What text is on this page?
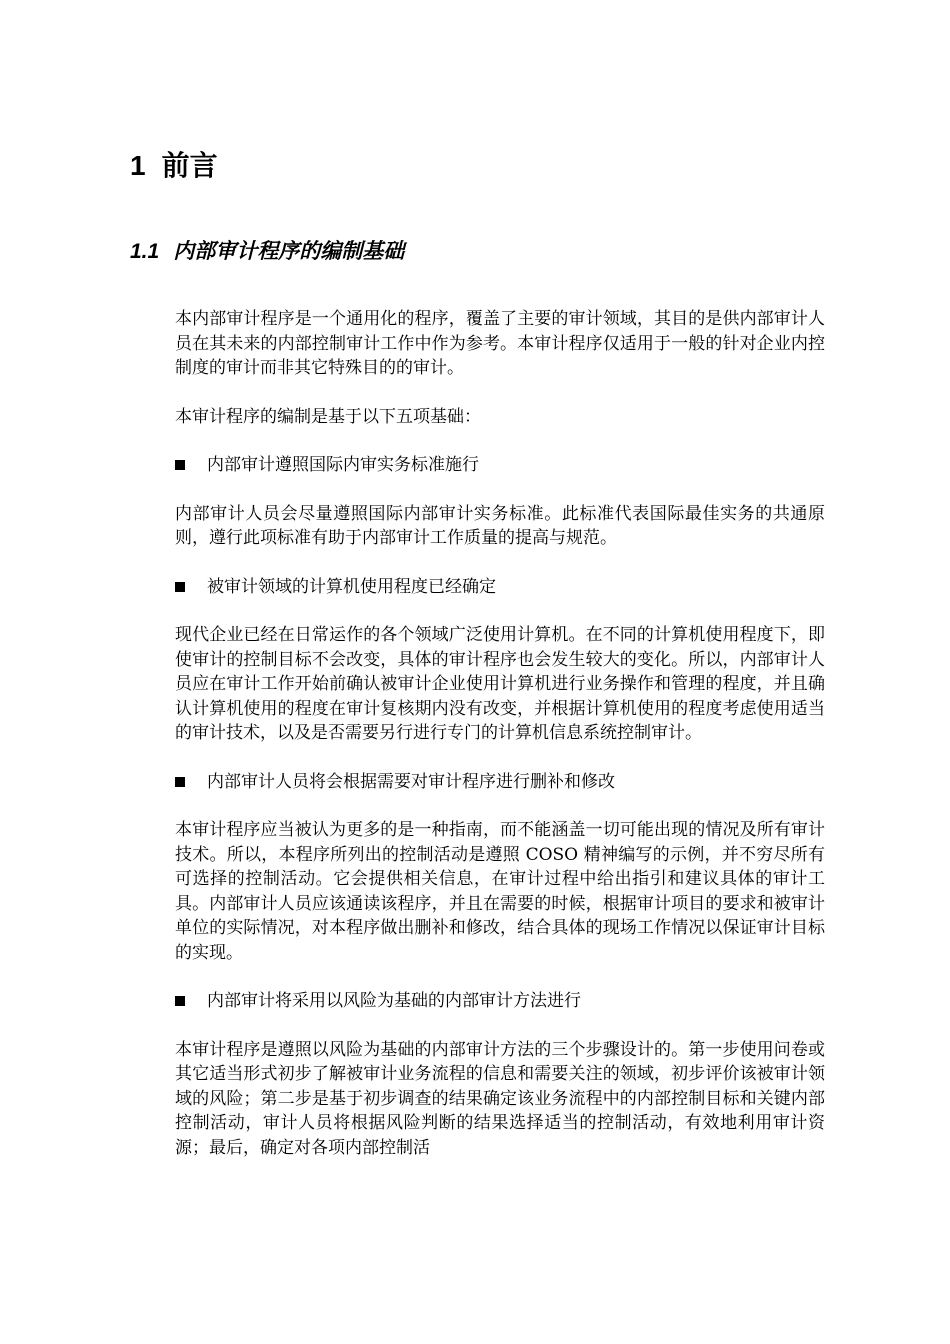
1 前言
1.1 内部审计程序的编制基础

本内部审计程序是一个通用化的程序，覆盖了主要的审计领域，其目的是供内部审计人员在其未来的内部控制审计工作中作为参考。本审计程序仅适用于一般的针对企业内控制度的审计而非其它特殊目的的审计。

本审计程序的编制是基于以下五项基础：

内部审计遵照国际内审实务标准施行

内部审计人员会尽量遵照国际内部审计实务标准。此标准代表国际最佳实务的共通原则，遵行此项标准有助于内部审计工作质量的提高与规范。

被审计领域的计算机使用程度已经确定

现代企业已经在日常运作的各个领域广泛使用计算机。在不同的计算机使用程度下，即使审计的控制目标不会改变，具体的审计程序也会发生较大的变化。所以，内部审计人员应在审计工作开始前确认被审计企业使用计算机进行业务操作和管理的程度，并且确认计算机使用的程度在审计复核期内没有改变，并根据计算机使用的程度考虑使用适当的审计技术，以及是否需要另行进行专门的计算机信息系统控制审计。

内部审计人员将会根据需要对审计程序进行删补和修改

本审计程序应当被认为更多的是一种指南，而不能涵盖一切可能出现的情况及所有审计技术。所以，本程序所列出的控制活动是遵照 COSO 精神编写的示例，并不穷尽所有可选择的控制活动。它会提供相关信息，在审计过程中给出指引和建议具体的审计工具。内部审计人员应该通读该程序，并且在需要的时候，根据审计项目的要求和被审计单位的实际情况，对本程序做出删补和修改，结合具体的现场工作情况以保证审计目标的实现。

内部审计将采用以风险为基础的内部审计方法进行

本审计程序是遵照以风险为基础的内部审计方法的三个步骤设计的。第一步使用问卷或其它适当形式初步了解被审计业务流程的信息和需要关注的领域，初步评价该被审计领域的风险；第二步是基于初步调查的结果确定该业务流程中的内部控制目标和关键内部控制活动，审计人员将根据风险判断的结果选择适当的控制活动，有效地利用审计资源；最后，确定对各项内部控制活
